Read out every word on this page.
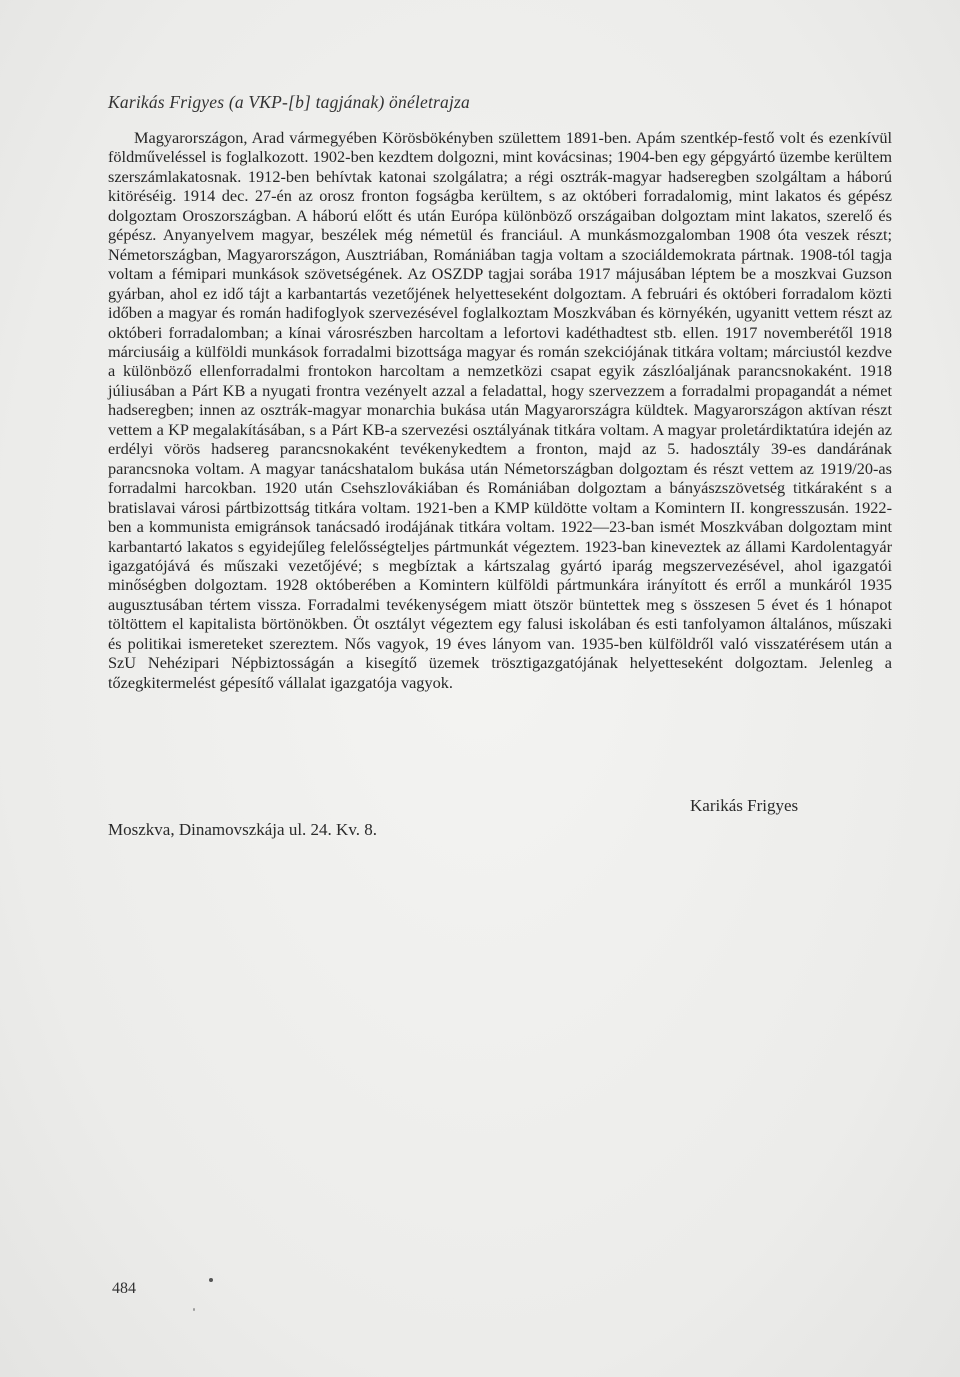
Karikás Frigyes (a VKP-[b] tagjának) önéletrajza

Magyarországon, Arad vármegyében Körösbökényben születtem 1891-ben. Apám szentkép-festő volt és ezenkívül földműveléssel is foglalkozott. 1902-ben kezdtem dolgozni, mint kovácsinas; 1904-ben egy gépgyártó üzembe kerültem szerszámlakatosnak. 1912-ben behívtak katonai szolgálatra; a régi osztrák-magyar hadseregben szolgáltam a háború kitöréséig. 1914 dec. 27-én az orosz fronton fogságba kerültem, s az októberi forradalomig, mint lakatos és gépész dolgoztam Oroszországban. A háború előtt és után Európa különböző országaiban dolgoztam mint lakatos, szerelő és gépész. Anyanyelvem magyar, beszélek még németül és franciául. A munkásmozgalomban 1908 óta veszek részt; Németországban, Magyarországon, Ausztriában, Romániában tagja voltam a szociáldemokrata pártnak. 1908-tól tagja voltam a fémipari munkások szövetségének. Az OSZDP tagjai sorába 1917 májusában léptem be a moszkvai Guzson gyárban, ahol ez idő tájt a karbantartás vezetőjének helyetteseként dolgoztam. A februári és októberi forradalom közti időben a magyar és román hadifoglyok szervezésével foglalkoztam Moszkvában és környékén, ugyanitt vettem részt az októberi forradalomban; a kínai városrészben harcoltam a lefortovi kadéthadtest stb. ellen. 1917 novemberétől 1918 márciusáig a külföldi munkások forradalmi bizottsága magyar és román szekciójának titkára voltam; márciustól kezdve a különböző ellenforradalmi frontokon harcoltam a nemzetközi csapat egyik zászlóaljának parancsnokaként. 1918 júliusában a Párt KB a nyugati frontra vezényelt azzal a feladattal, hogy szervezzem a forradalmi propagandát a német hadseregben; innen az osztrák-magyar monarchia bukása után Magyarországra küldtek. Magyarországon aktívan részt vettem a KP megalakításában, s a Párt KB-a szervezési osztályának titkára voltam. A magyar proletárdiktatúra idején az erdélyi vörös hadsereg parancsnokaként tevékenykedtem a fronton, majd az 5. hadosztály 39-es dandárának parancsnoka voltam. A magyar tanácshatalom bukása után Németországban dolgoztam és részt vettem az 1919/20-as forradalmi harcokban. 1920 után Csehszlovákiában és Romániában dolgoztam a bányászszövetség titkáraként s a bratislavai városi pártbizottság titkára voltam. 1921-ben a KMP küldötte voltam a Komintern II. kongresszusán. 1922-ben a kommunista emigránsok tanácsadó irodájának titkára voltam. 1922—23-ban ismét Moszkvában dolgoztam mint karbantartó lakatos s egyidejűleg felelősségteljes pártmunkát végeztem. 1923-ban kineveztek az állami Kardolentagyár igazgatójává és műszaki vezetőjévé; s megbíztak a kártszalag gyártó iparág megszervezésével, ahol igazgatói minőségben dolgoztam. 1928 októberében a Komintern külföldi pártmunkára irányított és erről a munkáról 1935 augusztusában tértem vissza. Forradalmi tevékenységem miatt ötször büntettek meg s összesen 5 évet és 1 hónapot töltöttem el kapitalista börtönökben. Öt osztályt végeztem egy falusi iskolában és esti tanfolyamon általános, műszaki és politikai ismereteket szereztem. Nős vagyok, 19 éves lányom van. 1935-ben külföldről való visszatérésem után a SzU Nehézipari Népbiztosságán a kisegítő üzemek trösztigazgatójának helyetteseként dolgoztam. Jelenleg a tőzegkitermelést gépesítő vállalat igazgatója vagyok.

Karikás Frigyes
Moszkva, Dinamovszkája ul. 24. Kv. 8.
484
